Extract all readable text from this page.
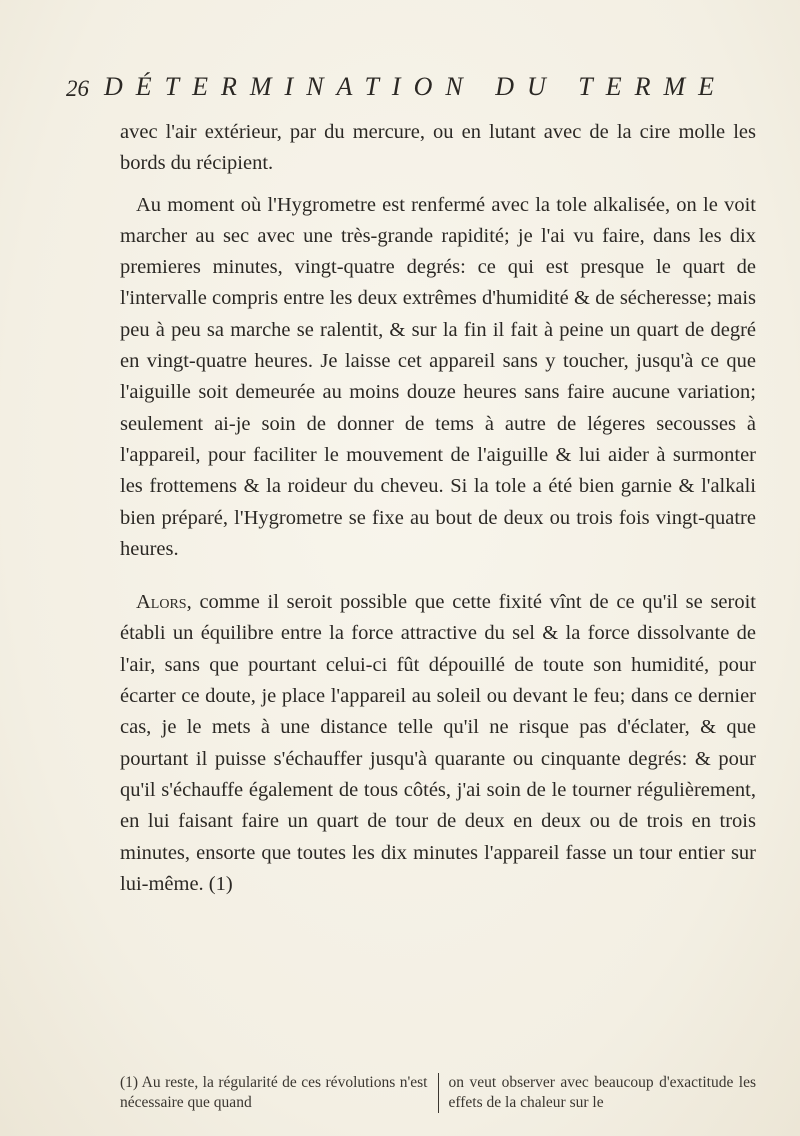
26 DÉTERMINATION DU TERME

avec l'air extérieur, par du mercure, ou en lutant avec de la cire molle les bords du récipient.

Au moment où l'Hygrometre est renfermé avec la tole alkalisée, on le voit marcher au sec avec une très-grande rapidité; je l'ai vu faire, dans les dix premieres minutes, vingt-quatre degrés: ce qui est presque le quart de l'intervalle compris entre les deux extrêmes d'humidité & de sécheresse; mais peu à peu sa marche se ralentit, & sur la fin il fait à peine un quart de degré en vingt-quatre heures. Je laisse cet appareil sans y toucher, jusqu'à ce que l'aiguille soit demeurée au moins douze heures sans faire aucune variation; seulement ai-je soin de donner de tems à autre de légeres secousses à l'appareil, pour faciliter le mouvement de l'aiguille & lui aider à surmonter les frottemens & la roideur du cheveu. Si la tole a été bien garnie & l'alkali bien préparé, l'Hygrometre se fixe au bout de deux ou trois fois vingt-quatre heures.

Alors, comme il seroit possible que cette fixité vînt de ce qu'il se seroit établi un équilibre entre la force attractive du sel & la force dissolvante de l'air, sans que pourtant celui-ci fût dépouillé de toute son humidité, pour écarter ce doute, je place l'appareil au soleil ou devant le feu; dans ce dernier cas, je le mets à une distance telle qu'il ne risque pas d'éclater, & que pourtant il puisse s'échauffer jusqu'à quarante ou cinquante degrés: & pour qu'il s'échauffe également de tous côtés, j'ai soin de le tourner régulièrement, en lui faisant faire un quart de tour de deux en deux ou de trois en trois minutes, ensorte que toutes les dix minutes l'appareil fasse un tour entier sur lui-même. (1)

(1) Au reste, la régularité de ces révolutions n'est nécessaire que quand
on veut observer avec beaucoup d'exactitude les effets de la chaleur sur le
